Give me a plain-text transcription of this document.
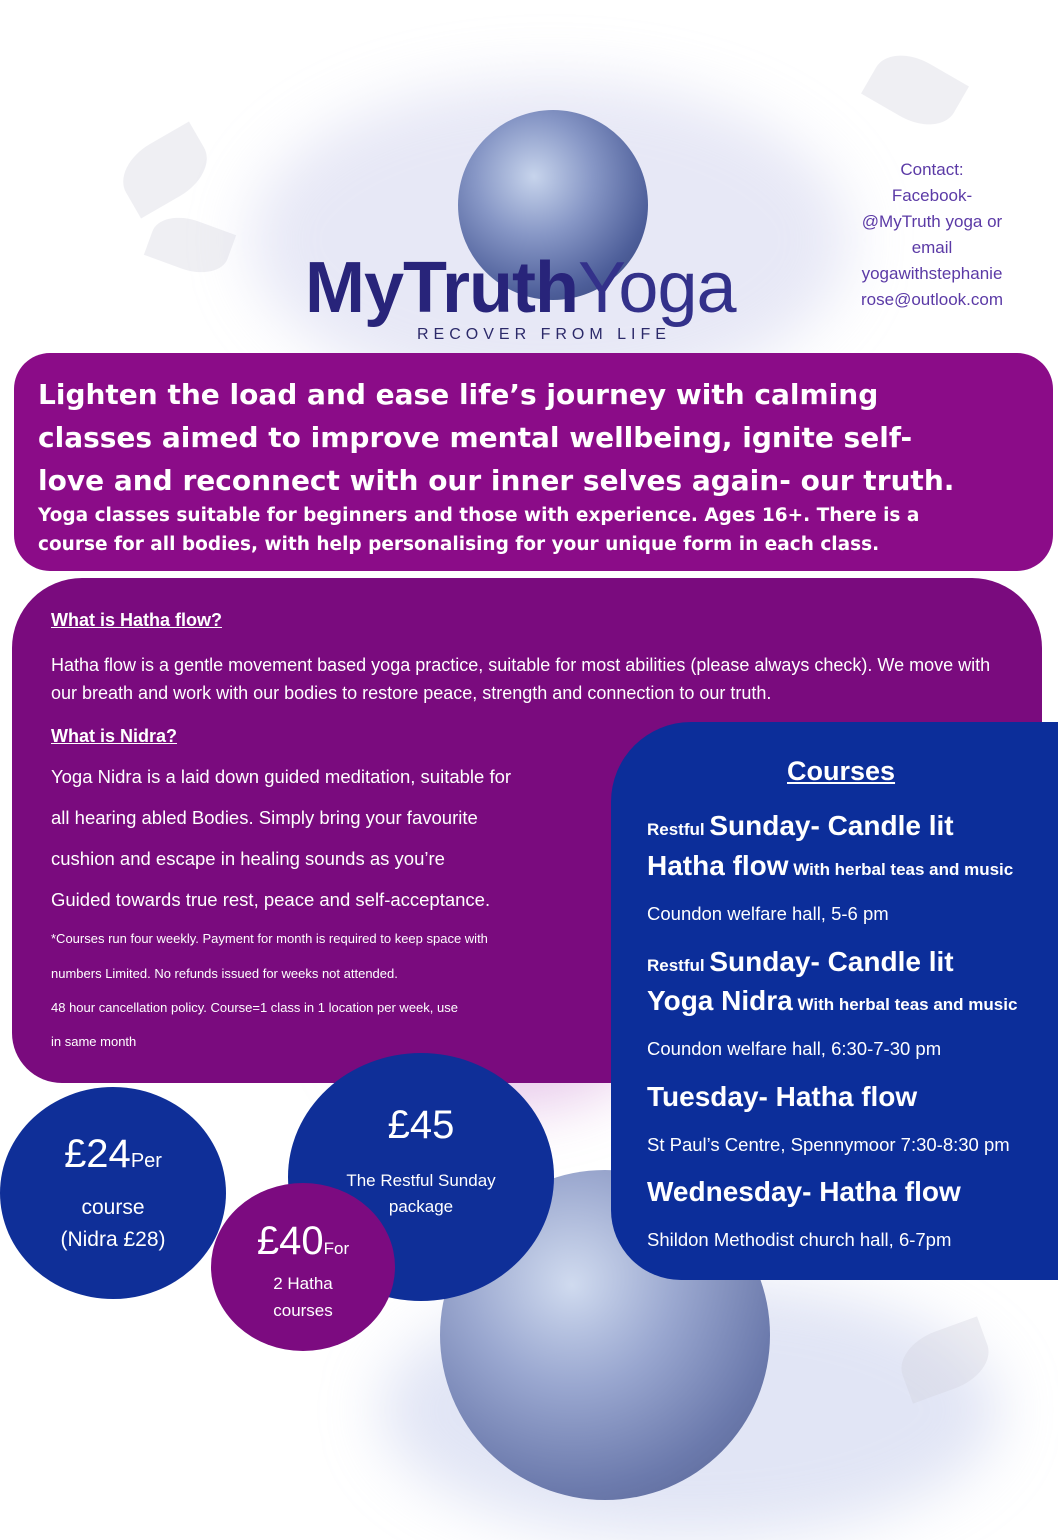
MyTruthYoga
RECOVER FROM LIFE
Contact:
Facebook-
@MyTruth yoga or
email
yogawithstephanie
rose@outlook.com
Lighten the load and ease life’s journey with calming
classes aimed to improve mental wellbeing, ignite self-
love and reconnect with our inner selves again- our truth.
Yoga classes suitable for beginners and those with experience. Ages 16+. There is a
course for all bodies, with help personalising for your unique form in each class.
What is Hatha flow?
Hatha flow is a gentle movement based yoga practice, suitable for most abilities (please always check). We move with our breath and work with our bodies to restore peace, strength and connection to our truth.
What is Nidra?
Yoga Nidra is a laid down guided meditation, suitable for
all hearing abled Bodies. Simply bring your favourite
cushion and escape in healing sounds as you’re
Guided towards true rest, peace and self-acceptance.
*Courses run four weekly. Payment for month is required to keep space with
numbers Limited. No refunds issued for weeks not attended.
48 hour cancellation policy. Course=1 class in 1 location per week, use
in same month
Courses
Restful Sunday- Candle lit
Hatha flow With herbal teas and music
Coundon welfare hall, 5-6 pm
Restful Sunday- Candle lit
Yoga Nidra With herbal teas and music
Coundon welfare hall, 6:30-7-30 pm
Tuesday- Hatha flow
St Paul’s Centre, Spennymoor 7:30-8:30 pm
Wednesday- Hatha flow
Shildon Methodist church hall, 6-7pm
£24Per
course
(Nidra £28)
£45
The Restful Sunday
package
£40For
2 Hatha
courses
